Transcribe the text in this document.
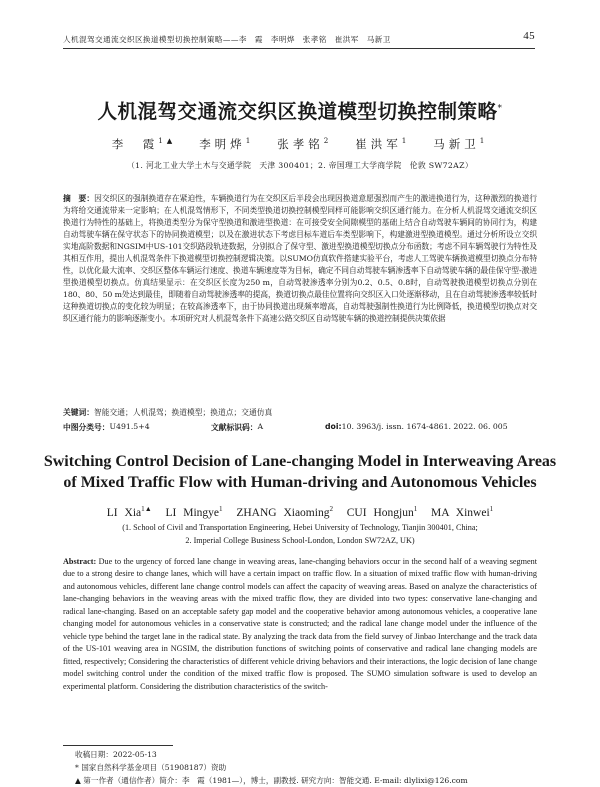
人机混驾交通流交织区换道模型切换控制策略——李　霞　李明烨　张孝铭　崔洪军　马新卫	45
人机混驾交通流交织区换道模型切换控制策略*
李　霞$^{1▲}$ 李明烨$^1$ 张孝铭$^2$ 崔洪军$^1$ 马新卫$^1$
（1. 河北工业大学土木与交通学院　天津 300401；2. 帝国理工大学商学院　伦敦 SW72AZ）
摘　要：因交织区的强制换道存在紧迫性，车辆换道行为在交织区后半段会出现因换道意愿强烈而产生的激进换道行为，这种激烈的换道行为将给交通流带来一定影响；在人机混驾情形下，不同类型换道切换控制模型同样可能影响交织区通行能力。在分析人机混驾交通流交织区换道行为特性的基础上，将换道类型分为保守型换道和激进型换道：在可接受安全间隙模型的基础上结合自动驾驶车辆间的协同行为，构建自动驾驶车辆在保守状态下的协同换道模型；以及在激进状态下考虑目标车道后车类型影响下，构建激进型换道模型。通过分析所设立交织实地高阶数据和NGSIM中US-101交织路段轨迹数据，分别拟合了保守型、激进型换道模型切换点分布函数；考虑不同车辆驾驶行为特性及其相互作用，提出人机混驾条件下换道模型切换控制逻辑决策。以SUMO仿真软件搭建实验平台，考虑人工驾驶车辆换道模型切换点分布特性，以优化最大流率、交织区整体车辆运行速度、换道车辆速度等为目标，确定不同自动驾驶车辆渗透率下自动驾驶车辆的最佳保守型-激进型换道模型切换点。仿真结果显示：在交织区长度为250 m，自动驾驶渗透率分别为0.2、0.5、0.8时，自动驾驶换道模型切换点分别在180、80、50 m处达到最佳，即随着自动驾驶渗透率的提高，换道切换点最佳位置将向交织区入口处逐渐移动，且在自动驾驶渗透率较低时这种换道切换点的变化较为明显；在较高渗透率下，由于协同换道出现频率增高，自动驾驶强制性换道行为比例降低，换道模型切换点对交织区通行能力的影响逐渐变小。本项研究对人机混驾条件下高速公路交织区自动驾驶车辆的换道控制提供决策依据
关键词：智能交通；人机混驾；换道模型；换道点；交通仿真
中图分类号： U491.5+4	文献标识码： A	doi: 10. 3963/j. issn. 1674-4861. 2022. 06. 005
Switching Control Decision of Lane-changing Model in Interweaving Areas
of Mixed Traffic Flow with Human-driving and Autonomous Vehicles
LI Xia$^{1▲}$ LI Mingye$^1$ ZHANG Xiaoming$^2$ CUI Hongjun$^1$ MA Xinwei$^1$
(1. School of Civil and Transportation Engineering, Hebei University of Technology, Tianjin 300401, China;
2. Imperial College Business School-London, London SW72AZ, UK)
Abstract: Due to the urgency of forced lane change in weaving areas, lane-changing behaviors occur in the second half of a weaving segment due to a strong desire to change lanes, which will have a certain impact on traffic flow. In a situation of mixed traffic flow with human-driving and autonomous vehicles, different lane change control models can affect the capacity of weaving areas. Based on analyze the characteristics of lane-changing behaviors in the weaving areas with the mixed traffic flow, they are divided into two types: conservative lane-changing and radical lane-changing. Based on an acceptable safety gap model and the cooperative behavior among autonomous vehicles, a cooperative lane changing model for autonomous vehicles in a conservative state is constructed; and the radical lane change model under the influence of the vehicle type behind the target lane in the radical state. By analyzing the track data from the field survey of Jinbao Interchange and the track data of the US-101 weaving area in NGSIM, the distribution functions of switching points of conservative and radical lane changing models are fitted, respectively; Considering the characteristics of different vehicle driving behaviors and their interactions, the logic decision of lane change model switching control under the condition of the mixed traffic flow is proposed. The SUMO simulation software is used to develop an experimental platform. Considering the distribution characteristics of the switch-
收稿日期：2022-05-13
* 国家自然科学基金项目（51908187）资助
▲ 第一作者（通信作者）简介：李　霞（1981—），博士，副教授. 研究方向：智能交通. E-mail: dlylixi@126.com
